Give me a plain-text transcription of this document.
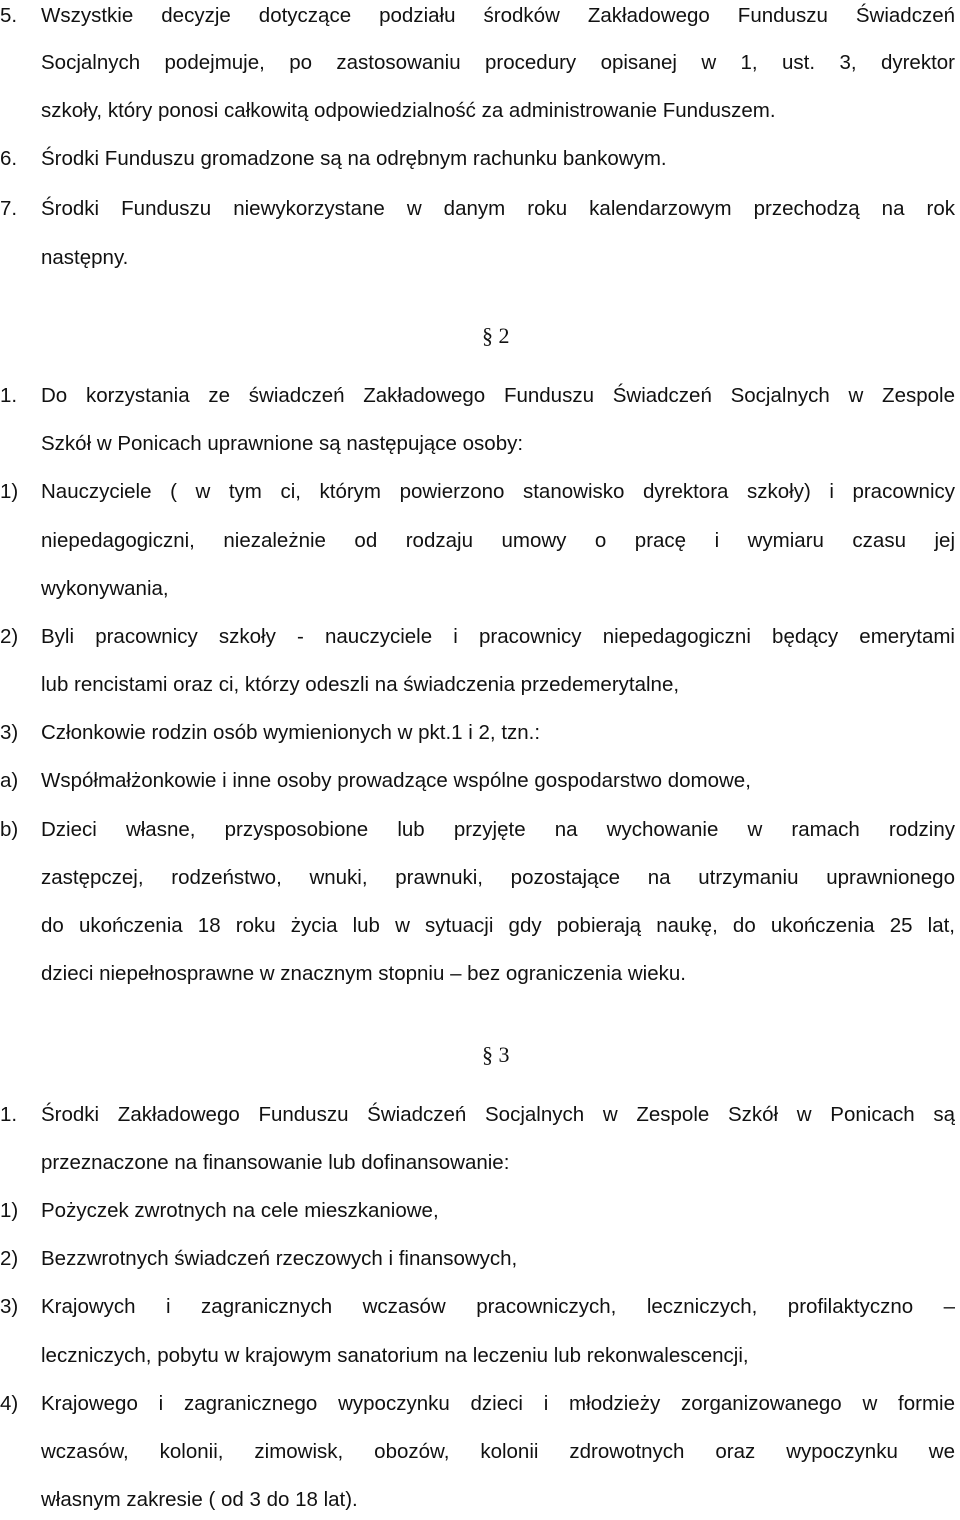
5. Wszystkie decyzje dotyczące podziału środków Zakładowego Funduszu Świadczeń
Socjalnych podejmuje, po zastosowaniu procedury opisanej w 1, ust. 3, dyrektor
szkoły, który ponosi całkowitą odpowiedzialność za administrowanie Funduszem.
6. Środki Funduszu gromadzone są na odrębnym rachunku bankowym.
7. Środki Funduszu niewykorzystane w danym roku kalendarzowym przechodzą na rok
następny.
§ 2
1. Do korzystania ze świadczeń Zakładowego Funduszu Świadczeń Socjalnych w Zespole
Szkół w Ponicach uprawnione są następujące osoby:
1) Nauczyciele ( w tym ci, którym powierzono stanowisko dyrektora szkoły) i pracownicy
niepedagogiczni, niezależnie od rodzaju umowy o pracę i wymiaru czasu jej
wykonywania,
2) Byli pracownicy szkoły - nauczyciele i pracownicy niepedagogiczni będący emerytami
lub rencistami oraz ci, którzy odeszli na świadczenia przedemerytalne,
3) Członkowie rodzin osób wymienionych w pkt.1 i 2, tzn.:
a) Współmałżonkowie i inne osoby prowadzące wspólne gospodarstwo domowe,
b) Dzieci własne, przysposobione lub przyjęte na wychowanie w ramach rodziny
zastępczej, rodzeństwo, wnuki, prawnuki, pozostające na utrzymaniu uprawnionego
do ukończenia 18 roku życia lub w sytuacji gdy pobierają naukę, do ukończenia 25 lat,
dzieci niepełnosprawne w znacznym stopniu – bez ograniczenia wieku.
§ 3
1. Środki Zakładowego Funduszu Świadczeń Socjalnych w Zespole Szkół w Ponicach są
przeznaczone na finansowanie lub dofinansowanie:
1) Pożyczek zwrotnych na cele mieszkaniowe,
2) Bezzwrotnych świadczeń rzeczowych i finansowych,
3) Krajowych i zagranicznych wczasów pracowniczych, leczniczych, profilaktyczno –
leczniczych, pobytu w krajowym sanatorium na leczeniu lub rekonwalescencji,
4) Krajowego i zagranicznego wypoczynku dzieci i młodzieży zorganizowanego w formie
wczasów, kolonii, zimowisk, obozów, kolonii zdrowotnych oraz wypoczynku we
własnym zakresie ( od 3 do 18 lat).
